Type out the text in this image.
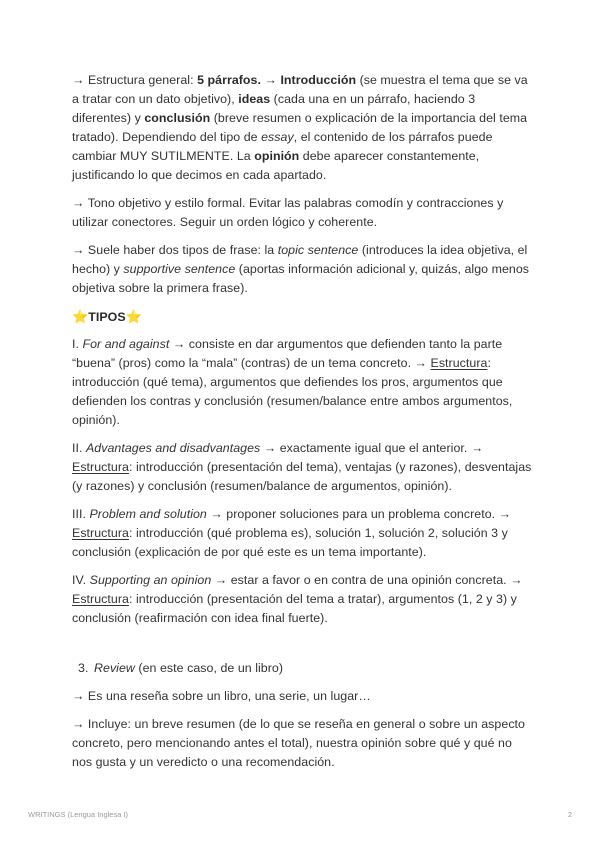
→ Estructura general: 5 párrafos. → Introducción (se muestra el tema que se va a tratar con un dato objetivo), ideas (cada una en un párrafo, haciendo 3 diferentes) y conclusión (breve resumen o explicación de la importancia del tema tratado). Dependiendo del tipo de essay, el contenido de los párrafos puede cambiar MUY SUTILMENTE. La opinión debe aparecer constantemente, justificando lo que decimos en cada apartado.

→ Tono objetivo y estilo formal. Evitar las palabras comodín y contracciones y utilizar conectores. Seguir un orden lógico y coherente.

→ Suele haber dos tipos de frase: la topic sentence (introduces la idea objetiva, el hecho) y supportive sentence (aportas información adicional y, quizás, algo menos objetiva sobre la primera frase).

⭐TIPOS⭐

I. For and against → consiste en dar argumentos que defienden tanto la parte “buena” (pros) como la “mala” (contras) de un tema concreto. → Estructura: introducción (qué tema), argumentos que defiendes los pros, argumentos que defienden los contras y conclusión (resumen/balance entre ambos argumentos, opinión).

II. Advantages and disadvantages → exactamente igual que el anterior. → Estructura: introducción (presentación del tema), ventajas (y razones), desventajas (y razones) y conclusión (resumen/balance de argumentos, opinión).

III. Problem and solution → proponer soluciones para un problema concreto. → Estructura: introducción (qué problema es), solución 1, solución 2, solución 3 y conclusión (explicación de por qué este es un tema importante).

IV. Supporting an opinion → estar a favor o en contra de una opinión concreta. → Estructura: introducción (presentación del tema a tratar), argumentos (1, 2 y 3) y conclusión (reafirmación con idea final fuerte).

3. Review (en este caso, de un libro)

→ Es una reseña sobre un libro, una serie, un lugar…

→ Incluye: un breve resumen (de lo que se reseña en general o sobre un aspecto concreto, pero mencionando antes el total), nuestra opinión sobre qué y qué no nos gusta y un veredicto o una recomendación.

WRITINGS (Lengua Inglesa I)	2
